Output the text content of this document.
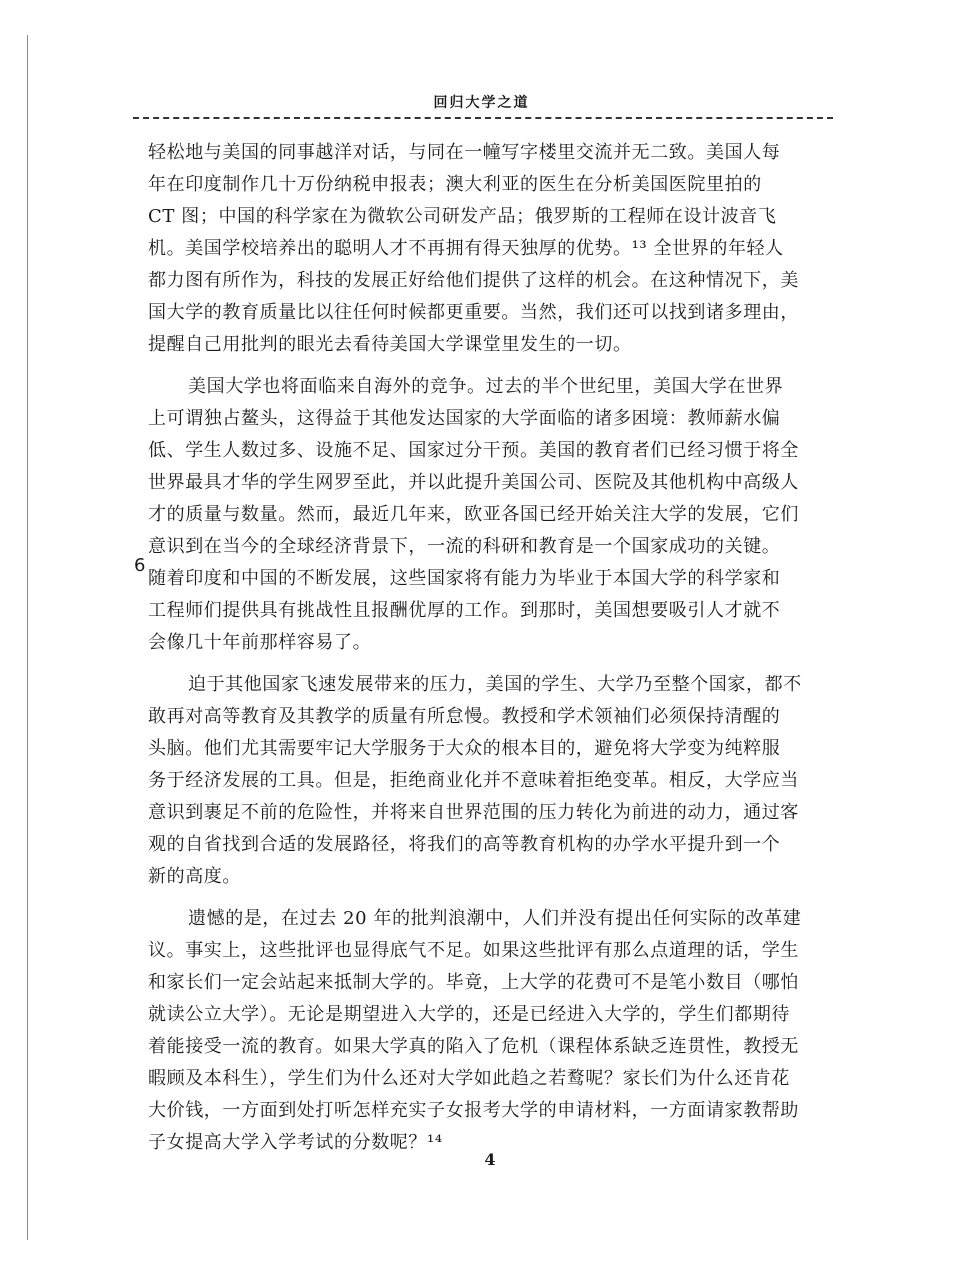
回归大学之道
6
轻松地与美国的同事越洋对话，与同在一幢写字楼里交流并无二致。美国人每
年在印度制作几十万份纳税申报表；澳大利亚的医生在分析美国医院里拍的
CT 图；中国的科学家在为微软公司研发产品；俄罗斯的工程师在设计波音飞
机。美国学校培养出的聪明人才不再拥有得天独厚的优势。¹³ 全世界的年轻人
都力图有所作为，科技的发展正好给他们提供了这样的机会。在这种情况下，美
国大学的教育质量比以往任何时候都更重要。当然，我们还可以找到诸多理由，
提醒自己用批判的眼光去看待美国大学课堂里发生的一切。
美国大学也将面临来自海外的竞争。过去的半个世纪里，美国大学在世界
上可谓独占鳌头，这得益于其他发达国家的大学面临的诸多困境：教师薪水偏
低、学生人数过多、设施不足、国家过分干预。美国的教育者们已经习惯于将全
世界最具才华的学生网罗至此，并以此提升美国公司、医院及其他机构中高级人
才的质量与数量。然而，最近几年来，欧亚各国已经开始关注大学的发展，它们
意识到在当今的全球经济背景下，一流的科研和教育是一个国家成功的关键。
随着印度和中国的不断发展，这些国家将有能力为毕业于本国大学的科学家和
工程师们提供具有挑战性且报酬优厚的工作。到那时，美国想要吸引人才就不
会像几十年前那样容易了。
迫于其他国家飞速发展带来的压力，美国的学生、大学乃至整个国家，都不
敢再对高等教育及其教学的质量有所怠慢。教授和学术领袖们必须保持清醒的
头脑。他们尤其需要牢记大学服务于大众的根本目的，避免将大学变为纯粹服
务于经济发展的工具。但是，拒绝商业化并不意味着拒绝变革。相反，大学应当
意识到裹足不前的危险性，并将来自世界范围的压力转化为前进的动力，通过客
观的自省找到合适的发展路径，将我们的高等教育机构的办学水平提升到一个
新的高度。
遗憾的是，在过去 20 年的批判浪潮中，人们并没有提出任何实际的改革建
议。事实上，这些批评也显得底气不足。如果这些批评有那么点道理的话，学生
和家长们一定会站起来抵制大学的。毕竟，上大学的花费可不是笔小数目（哪怕
就读公立大学）。无论是期望进入大学的，还是已经进入大学的，学生们都期待
着能接受一流的教育。如果大学真的陷入了危机（课程体系缺乏连贯性，教授无
暇顾及本科生），学生们为什么还对大学如此趋之若鹜呢？家长们为什么还肯花
大价钱，一方面到处打听怎样充实子女报考大学的申请材料，一方面请家教帮助
子女提高大学入学考试的分数呢？¹⁴
4
